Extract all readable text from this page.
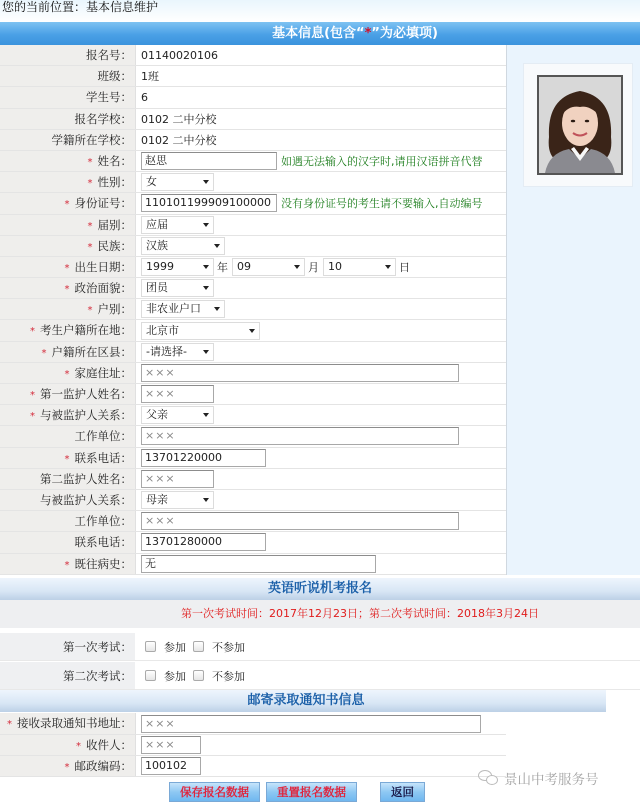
您的当前位置：基本信息维护
基本信息(包含“*”为必填项)
报名号： 01140020106
班级： 1班
学生号： 6
报名学校： 0102 二中分校
学籍所在学校： 0102 二中分校
* 姓名：	赵思	如遇无法输入的汉字时,请用汉语拼音代替
* 性别： 女
* 身份证号：	110101199909100000 没有身份证号的考生请不要输入,自动编号
* 届别： 应届
* 民族： 汉族
* 出生日期： 1999	年 09	月 10	日
* 政治面貌： 团员
* 户别： 非农业户口
* 考生户籍所在地： 北京市
* 户籍所在区县： -请选择-
* 家庭住址：	×××
* 第一监护人姓名：	×××
* 与被监护人关系： 父亲
工作单位：	×××
* 联系电话：	13701220000
第二监护人姓名：	×××
与被监护人关系： 母亲
工作单位：	×××
联系电话：	13701280000
* 既往病史：	无
英语听说机考报名
第一次考试时间：2017年12月23日；第二次考试时间：2018年3月24日
第一次考试：	参加 不参加
第二次考试：	参加 不参加
邮寄录取通知书信息
* 接收录取通知书地址：	×××
* 收件人：	×××
* 邮政编码：	100102
保存报名数据	重置报名数据	返回
景山中考服务号
